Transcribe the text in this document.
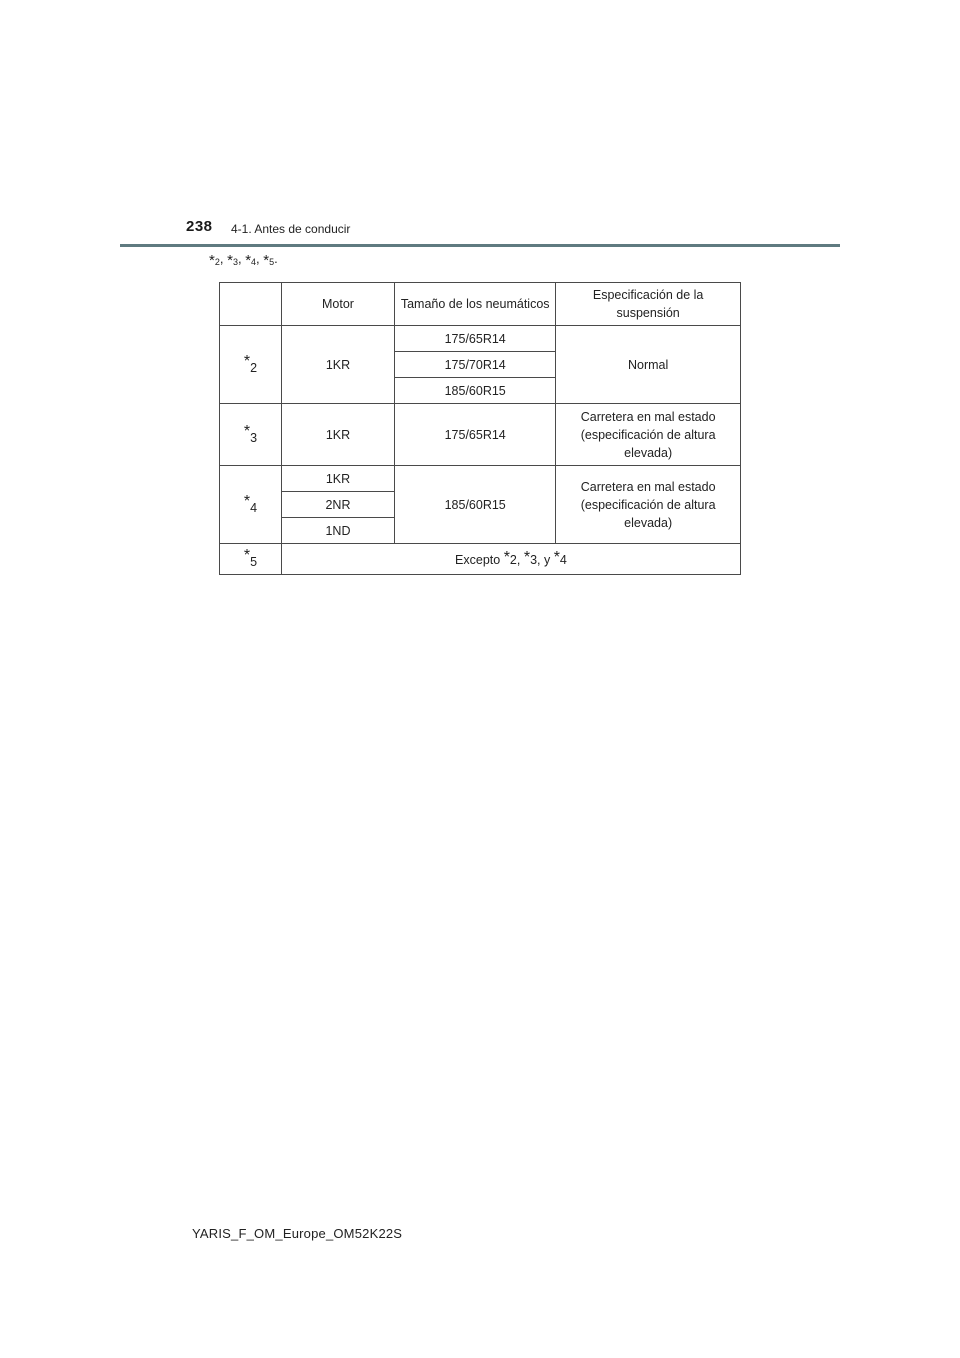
238 4-1. Antes de conducir
$*_2$, $*_3$, $*_4$, $*_5$.
	Motor	Tamaño de los neumáticos	Especificación de la suspensión
*2	1KR	175/65R14	Normal
		175/70R14	
		185/60R15	
*3	1KR	175/65R14	Carretera en mal estado (especificación de altura elevada)
*4	1KR	185/60R15	Carretera en mal estado (especificación de altura elevada)
	2NR		
	1ND		
*5	Excepto *2, *3, y *4		
YARIS_F_OM_Europe_OM52K22S
